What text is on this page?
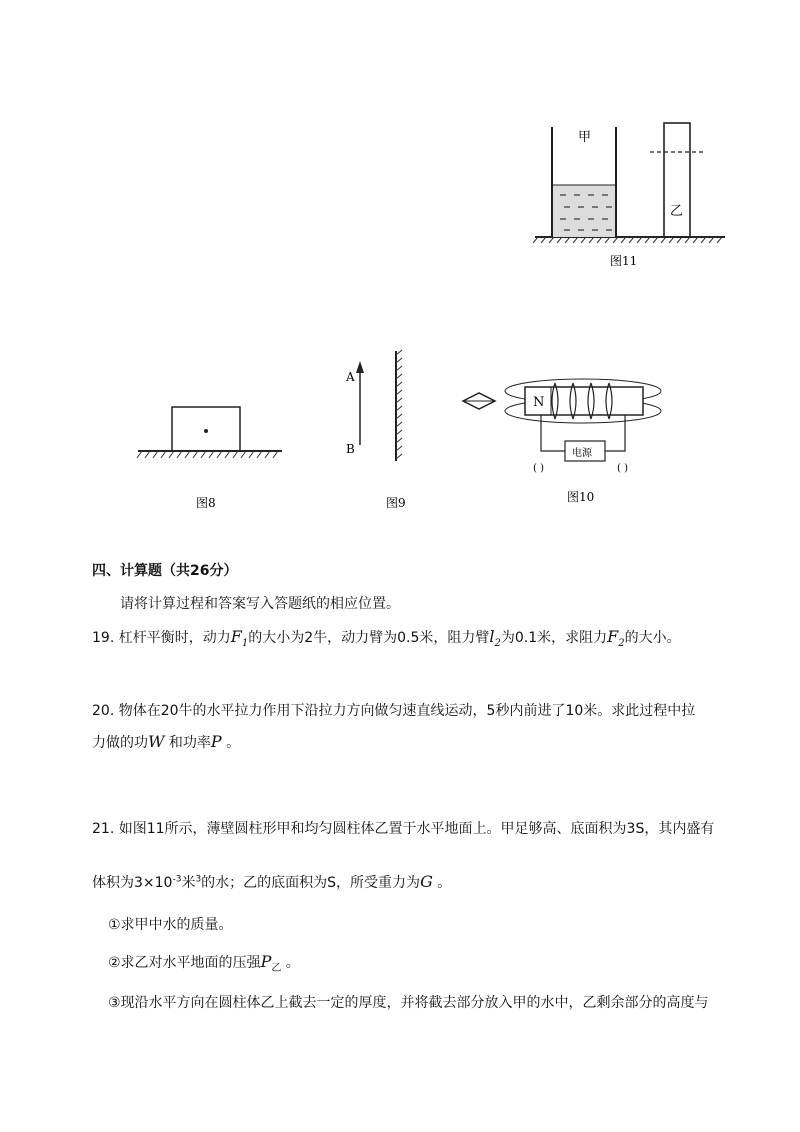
甲
乙
图11
图8
A
B
图9
N
电源
( )	( )
图10
四、计算题（共26分）
请将计算过程和答案写入答题纸的相应位置。
19. 杠杆平衡时，动力$F_1$的大小为2牛，动力臂为0.5米，阻力臂$l_2$为0.1米，求阻力$F_2$的大小。
20. 物体在20牛的水平拉力作用下沿拉力方向做匀速直线运动，5秒内前进了10米。求此过程中拉
力做的功W 和功率P 。
21. 如图11所示，薄壁圆柱形甲和均匀圆柱体乙置于水平地面上。甲足够高、底面积为3S，其内盛有
体积为$3\times 10^{-3}$米$^3$的水；乙的底面积为S，所受重力为G 。
①求甲中水的质量。
②求乙对水平地面的压强$P_乙$ 。
③现沿水平方向在圆柱体乙上截去一定的厚度，并将截去部分放入甲的水中，乙剩余部分的高度与
